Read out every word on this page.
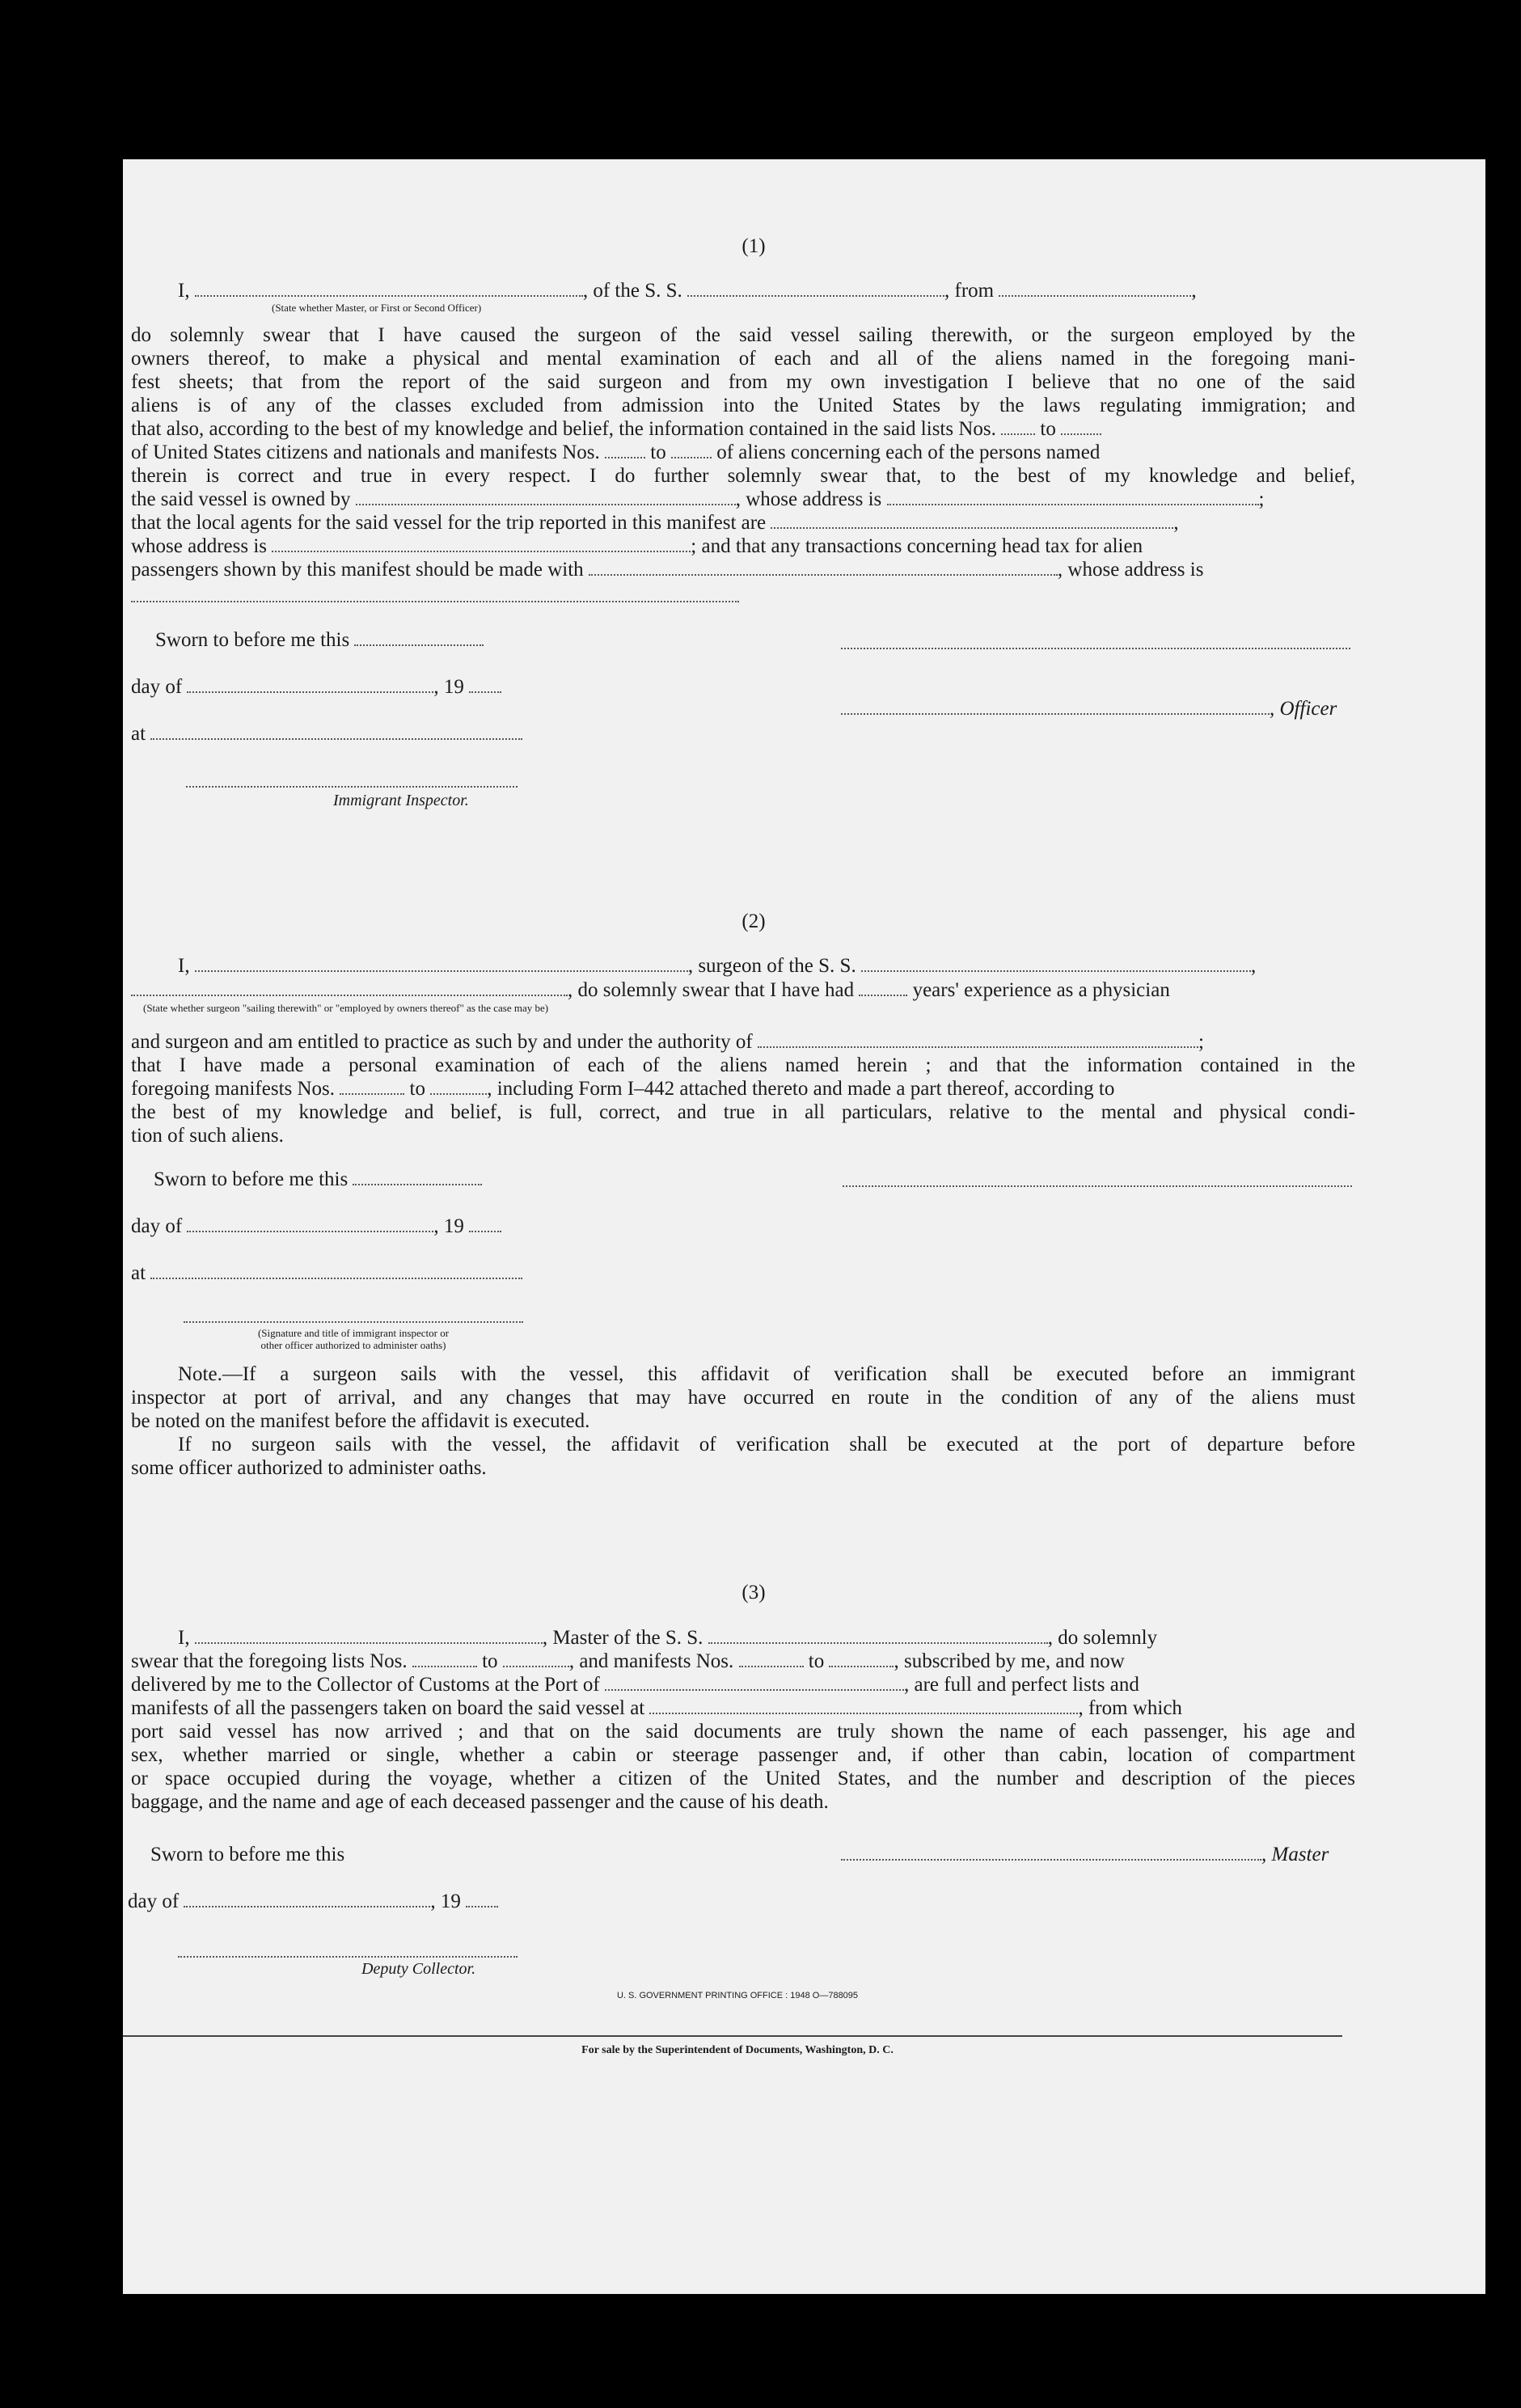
(1)
I,	, of the S. S.	, from	,
(State whether Master, or First or Second Officer)
do solemnly swear that I have caused the surgeon of the said vessel sailing therewith, or the surgeon employed by the
owners thereof, to make a physical and mental examination of each and all of the aliens named in the foregoing mani-
fest sheets; that from the report of the said surgeon and from my own investigation I believe that no one of the said
aliens is of any of the classes excluded from admission into the United States by the laws regulating immigration; and
that also, according to the best of my knowledge and belief, the information contained in the said lists Nos. to
of United States citizens and nationals and manifests Nos.	to	of aliens concerning each of the persons named
therein is correct and true in every respect. I do further solemnly swear that, to the best of my knowledge and belief,
the said vessel is owned by	, whose address is	;
that the local agents for the said vessel for the trip reported in this manifest are	,
whose address is	; and that any transactions concerning head tax for alien
passengers shown by this manifest should be made with	, whose address is
Sworn to before me this
day of	, 19
at
, Officer
Immigrant Inspector.
(2)
I,	, surgeon of the S. S.	,
, do solemnly swear that I have had	years' experience as a physician
(State whether surgeon "sailing therewith" or "employed by owners thereof" as the case may be)
and surgeon and am entitled to practice as such by and under the authority of	;
that I have made a personal examination of each of the aliens named herein ; and that the information contained in the
foregoing manifests Nos.	to	, including Form I–442 attached thereto and made a part thereof, according to
the best of my knowledge and belief, is full, correct, and true in all particulars, relative to the mental and physical condi-
tion of such aliens.
Sworn to before me this
day of	, 19
at
(Signature and title of immigrant inspector or
other officer authorized to administer oaths)
Note.—If a surgeon sails with the vessel, this affidavit of verification shall be executed before an immigrant
inspector at port of arrival, and any changes that may have occurred en route in the condition of any of the aliens must
be noted on the manifest before the affidavit is executed.
If no surgeon sails with the vessel, the affidavit of verification shall be executed at the port of departure before
some officer authorized to administer oaths.
(3)
I,	, Master of the S. S.	, do solemnly
swear that the foregoing lists Nos.	to	, and manifests Nos.	to	, subscribed by me, and now
delivered by me to the Collector of Customs at the Port of	, are full and perfect lists and
manifests of all the passengers taken on board the said vessel at	, from which
port said vessel has now arrived ; and that on the said documents are truly shown the name of each passenger, his age and
sex, whether married or single, whether a cabin or steerage passenger and, if other than cabin, location of compartment
or space occupied during the voyage, whether a citizen of the United States, and the number and description of the pieces
baggage, and the name and age of each deceased passenger and the cause of his death.
Sworn to before me this	, Master
day of	, 19
Deputy Collector.
U. S. GOVERNMENT PRINTING OFFICE : 1948 O—788095
For sale by the Superintendent of Documents, Washington, D. C.
